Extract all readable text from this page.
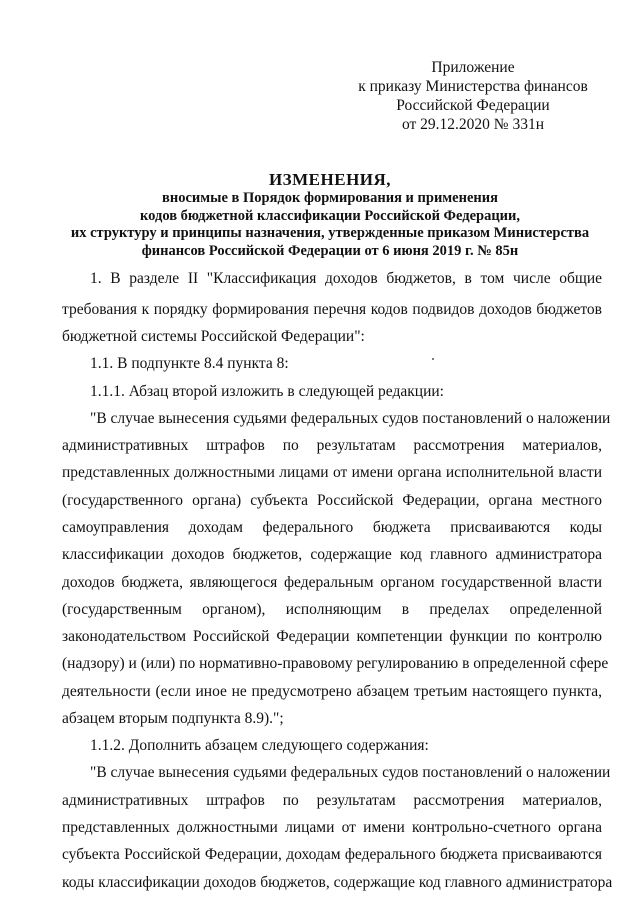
Приложение
к приказу Министерства финансов
Российской Федерации
от 29.12.2020 № 331н
ИЗМЕНЕНИЯ,
вносимые в Порядок формирования и применения
кодов бюджетной классификации Российской Федерации,
их структуру и принципы назначения, утвержденные приказом Министерства
финансов Российской Федерации от 6 июня 2019 г. № 85н
1. В разделе II "Классификация доходов бюджетов, в том числе общие
требования к порядку формирования перечня кодов подвидов доходов бюджетов
бюджетной системы Российской Федерации":
1.1. В подпункте 8.4 пункта 8:
1.1.1. Абзац второй изложить в следующей редакции:
"В случае вынесения судьями федеральных судов постановлений о наложении
административных штрафов по результатам рассмотрения материалов,
представленных должностными лицами от имени органа исполнительной власти
(государственного органа) субъекта Российской Федерации, органа местного
самоуправления доходам федерального бюджета присваиваются коды
классификации доходов бюджетов, содержащие код главного администратора
доходов бюджета, являющегося федеральным органом государственной власти
(государственным органом), исполняющим в пределах определенной
законодательством Российской Федерации компетенции функции по контролю
(надзору) и (или) по нормативно-правовому регулированию в определенной сфере
деятельности (если иное не предусмотрено абзацем третьим настоящего пункта,
абзацем вторым подпункта 8.9).";
1.1.2. Дополнить абзацем следующего содержания:
"В случае вынесения судьями федеральных судов постановлений о наложении
административных штрафов по результатам рассмотрения материалов,
представленных должностными лицами от имени контрольно-счетного органа
субъекта Российской Федерации, доходам федерального бюджета присваиваются
коды классификации доходов бюджетов, содержащие код главного администратора
